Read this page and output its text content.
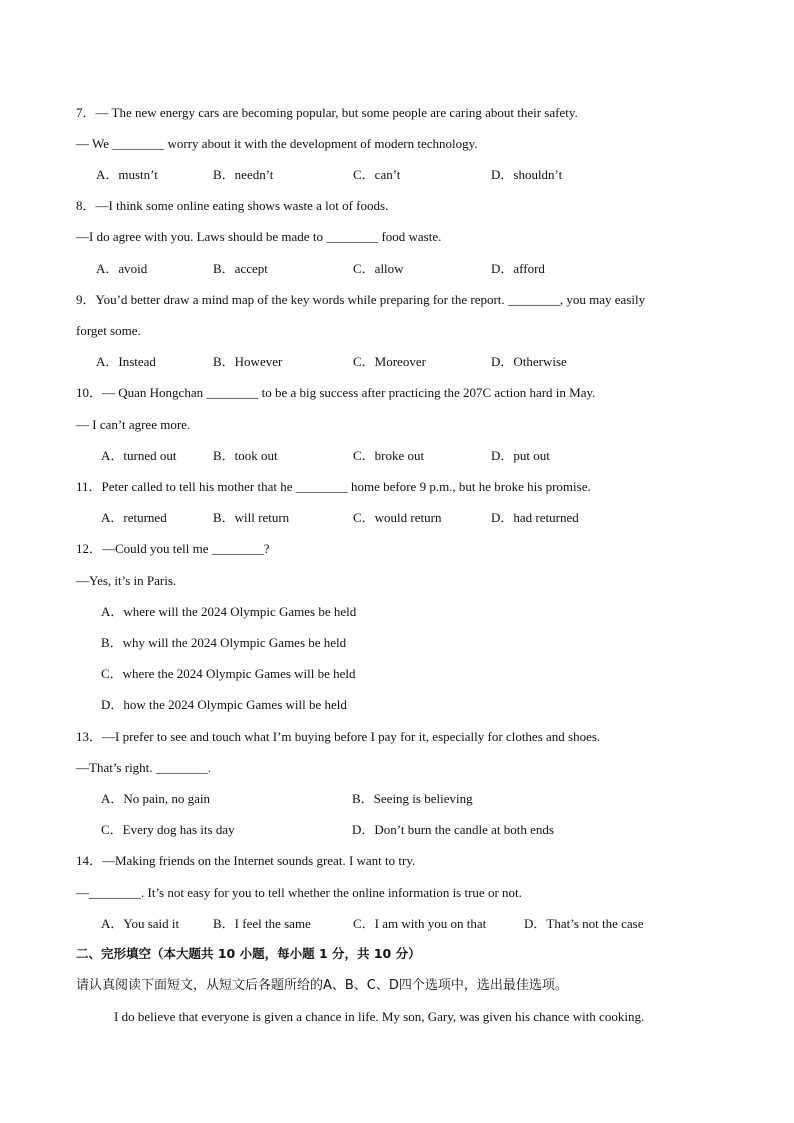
7．— The new energy cars are becoming popular, but some people are caring about their safety.
— We ________ worry about it with the development of modern technology.
A．mustn’t	B．needn’t	C．can’t	D．shouldn’t
8．—I think some online eating shows waste a lot of foods.
—I do agree with you. Laws should be made to ________ food waste.
A．avoid	B．accept	C．allow	D．afford
9．You’d better draw a mind map of the key words while preparing for the report. ________, you may easily
forget some.
A．Instead	B．However	C．Moreover	D．Otherwise
10．— Quan Hongchan ________ to be a big success after practicing the 207C action hard in May.
— I can’t agree more.
A．turned out	B．took out	C．broke out	D．put out
11．Peter called to tell his mother that he ________ home before 9 p.m., but he broke his promise.
A．returned	B．will return	C．would return	D．had returned
12．—Could you tell me ________?
—Yes, it’s in Paris.
A．where will the 2024 Olympic Games be held
B．why will the 2024 Olympic Games be held
C．where the 2024 Olympic Games will be held
D．how the 2024 Olympic Games will be held
13．—I prefer to see and touch what I’m buying before I pay for it, especially for clothes and shoes.
—That’s right. ________.
A．No pain, no gain	B．Seeing is believing
C．Every dog has its day	D．Don’t burn the candle at both ends
14．—Making friends on the Internet sounds great. I want to try.
—________. It’s not easy for you to tell whether the online information is true or not.
A．You said it	B．I feel the same	C．I am with you on that	D．That’s not the case
二、完形填空（本大题共 10 小题，每小题 1 分，共 10 分）
请认真阅读下面短文，从短文后各题所给的A、B、C、D四个选项中，选出最佳选项。
I do believe that everyone is given a chance in life. My son, Gary, was given his chance with cooking.
